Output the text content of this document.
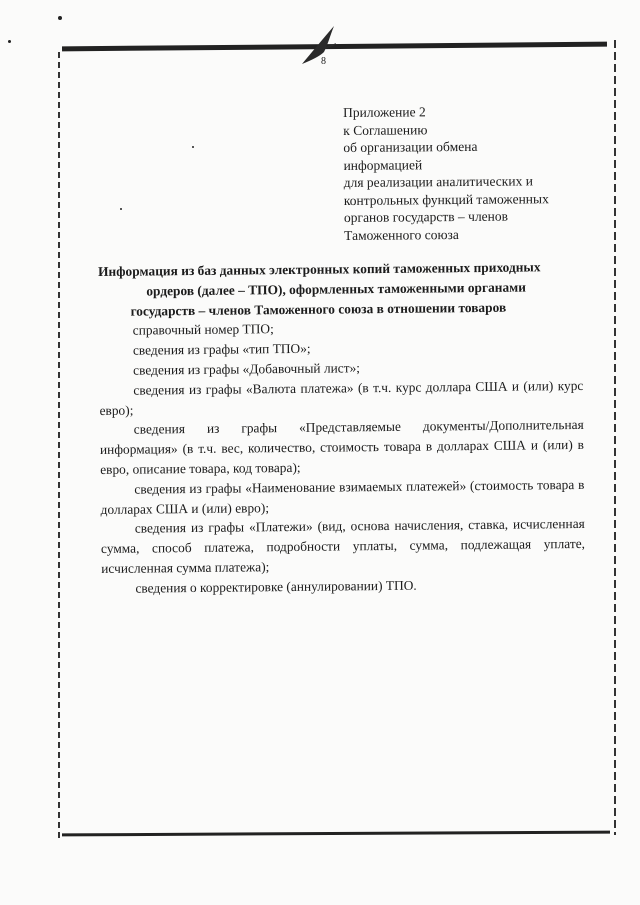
8
Приложение 2
к Соглашению
об организации обмена
информацией
для реализации аналитических и
контрольных функций таможенных
органов государств – членов
Таможенного союза
Информация из баз данных электронных копий таможенных приходных
ордеров (далее – ТПО), оформленных таможенными органами
государств – членов Таможенного союза в отношении товаров

справочный номер ТПО;

сведения из графы «тип ТПО»;

сведения из графы «Добавочный лист»;

сведения из графы «Валюта платежа» (в т.ч. курс доллара США и (или) курс евро);

сведения из графы «Представляемые документы/Дополнительная информация» (в т.ч. вес, количество, стоимость товара в долларах США и (или) в евро, описание товара, код товара);

сведения из графы «Наименование взимаемых платежей» (стоимость товара в долларах США и (или) евро);

сведения из графы «Платежи» (вид, основа начисления, ставка, исчисленная сумма, способ платежа, подробности уплаты, сумма, подлежащая уплате, исчисленная сумма платежа);

сведения о корректировке (аннулировании) ТПО.
